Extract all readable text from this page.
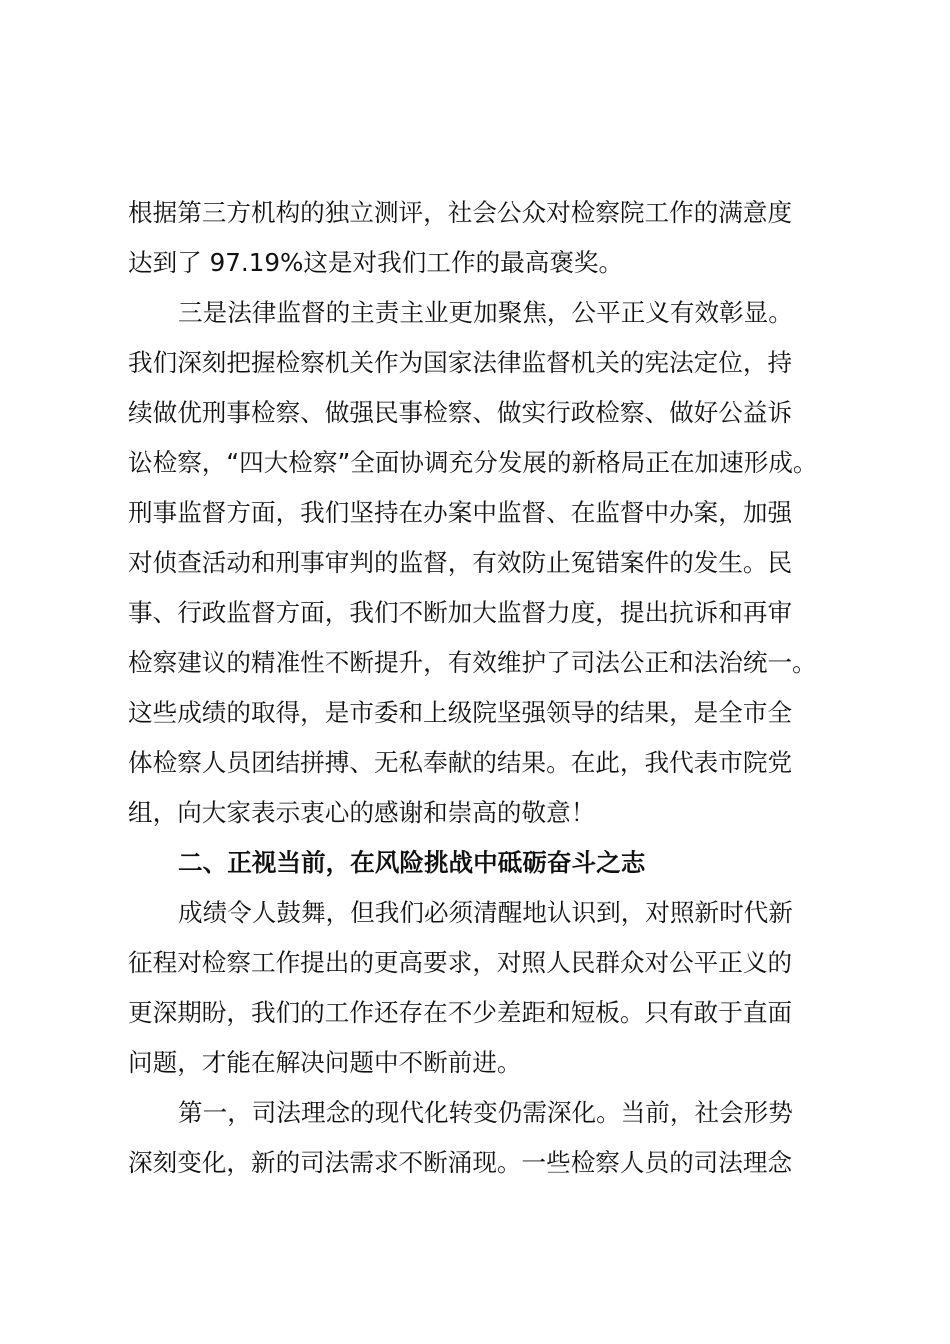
根据第三方机构的独立测评，社会公众对检察院工作的满意度
达到了 97.19%这是对我们工作的最高褒奖。
三是法律监督的主责主业更加聚焦，公平正义有效彰显。
我们深刻把握检察机关作为国家法律监督机关的宪法定位，持
续做优刑事检察、做强民事检察、做实行政检察、做好公益诉
讼检察，“四大检察”全面协调充分发展的新格局正在加速形成。
刑事监督方面，我们坚持在办案中监督、在监督中办案，加强
对侦查活动和刑事审判的监督，有效防止冤错案件的发生。民
事、行政监督方面，我们不断加大监督力度，提出抗诉和再审
检察建议的精准性不断提升，有效维护了司法公正和法治统一。
这些成绩的取得，是市委和上级院坚强领导的结果，是全市全
体检察人员团结拼搏、无私奉献的结果。在此，我代表市院党
组，向大家表示衷心的感谢和崇高的敬意！
二、正视当前，在风险挑战中砥砺奋斗之志
成绩令人鼓舞，但我们必须清醒地认识到，对照新时代新
征程对检察工作提出的更高要求，对照人民群众对公平正义的
更深期盼，我们的工作还存在不少差距和短板。只有敢于直面
问题，才能在解决问题中不断前进。
第一，司法理念的现代化转变仍需深化。当前，社会形势
深刻变化，新的司法需求不断涌现。一些检察人员的司法理念
